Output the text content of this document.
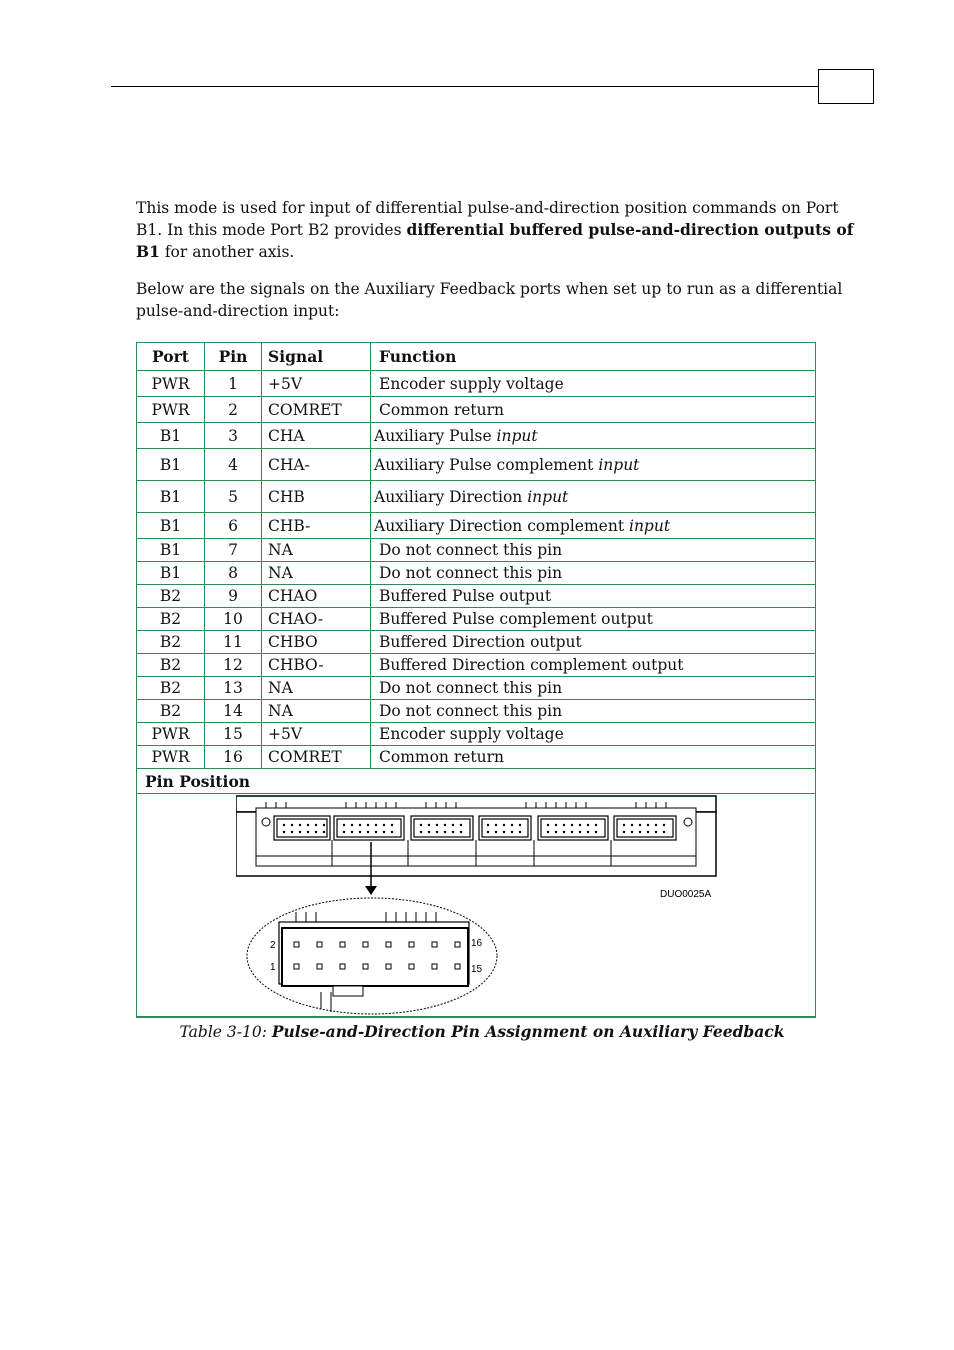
This mode is used for input of differential pulse-and-direction position commands on Port B1. In this mode Port B2 provides differential buffered pulse-and-direction outputs of B1 for another axis.

Below are the signals on the Auxiliary Feedback ports when set up to run as a differential pulse-and-direction input:

Port	Pin	Signal	Function
PWR	1	+5V	Encoder supply voltage
PWR	2	COMRET	Common return
B1	3	CHA	Auxiliary Pulse input
B1	4	CHA-	Auxiliary Pulse complement input
B1	5	CHB	Auxiliary Direction input
B1	6	CHB-	Auxiliary Direction complement input
B1	7	NA	Do not connect this pin
B1	8	NA	Do not connect this pin
B2	9	CHAO	Buffered Pulse output
B2	10	CHAO-	Buffered Pulse complement output
B2	11	CHBO	Buffered Direction output
B2	12	CHBO-	Buffered Direction complement output
B2	13	NA	Do not connect this pin
B2	14	NA	Do not connect this pin
PWR	15	+5V	Encoder supply voltage
PWR	16	COMRET	Common return
Pin Position			

DUO0025A
2
1
16
15			
Table 3-10: Pulse-and-Direction Pin Assignment on Auxiliary Feedback
